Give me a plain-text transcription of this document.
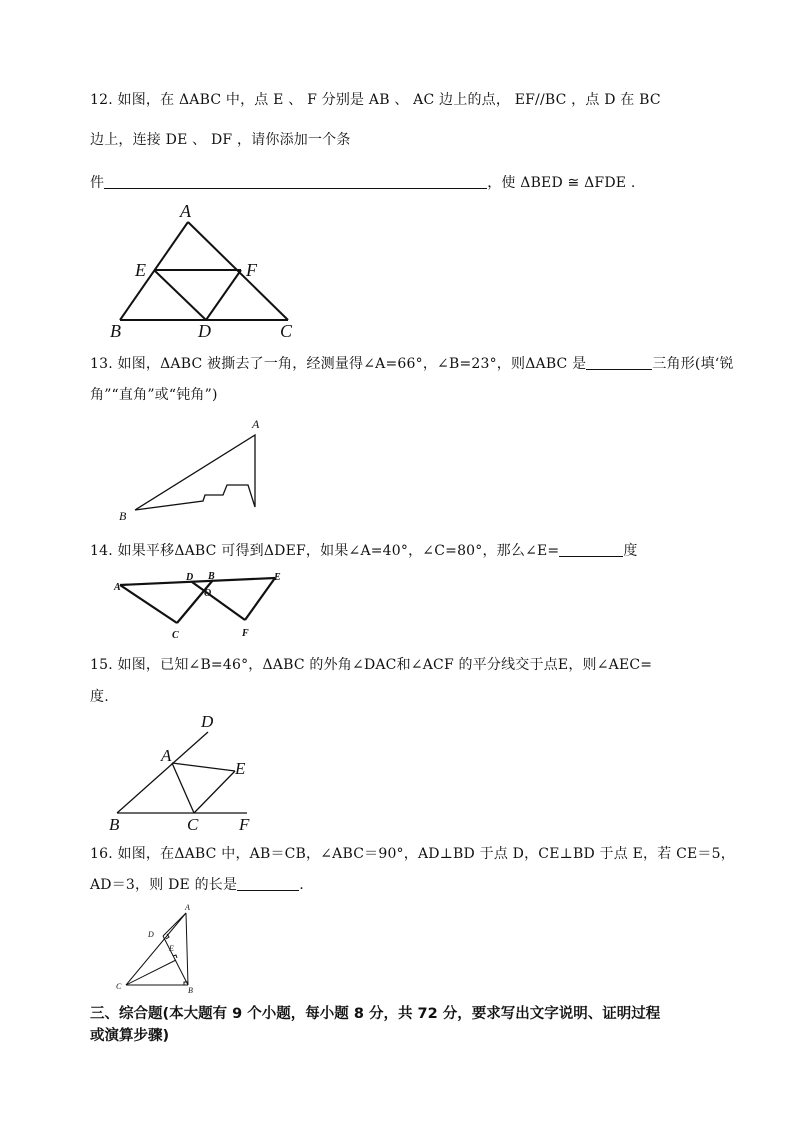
12. 如图，在 ΔABC 中，点 E 、 F 分别是 AB 、 AC 边上的点， EF//BC ，点 D 在 BC
边上，连接 DE 、 DF ，请你添加一个条
件	，使 ΔBED ≅ ΔFDE .
A
B	C
D
E	F
13. 如图，ΔABC 被撕去了一角，经测量得∠A=66°，∠B=23°，则ΔABC 是	三角形(填‘锐
角”“直角”或“钝角”)
A
B
14. 如果平移ΔABC 可得到ΔDEF，如果∠A=40°，∠C=80°，那么∠E=	度
A
D B
O
E
C	F
15. 如图，已知∠B=46°，ΔABC 的外角∠DAC和∠ACF 的平分线交于点E，则∠AEC=
度.
D
A
E
B	C F
16. 如图，在ΔABC 中，AB＝CB，∠ABC＝90°，AD⊥BD 于点 D，CE⊥BD 于点 E，若 CE＝5，
AD＝3，则 DE 的长是	.
A
D
E
C	B
三、综合题(本大题有 9 个小题，每小题 8 分，共 72 分，要求写出文字说明、证明过程
或演算步骤)
